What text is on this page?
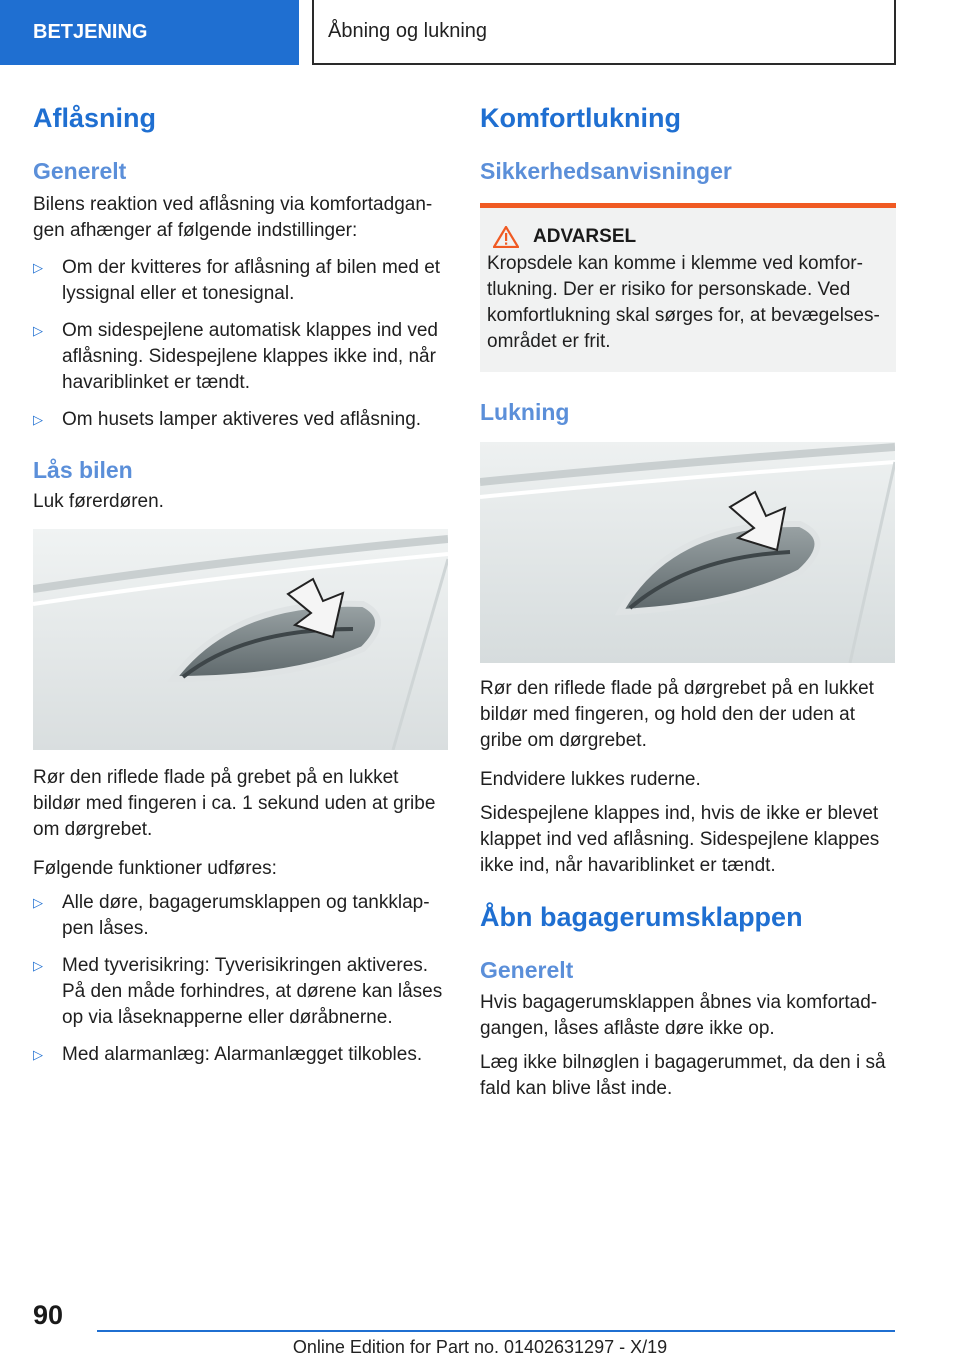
BETJENING	Åbning og lukning
Aflåsning
Generelt

Bilens reaktion ved aflåsning via komfortadgangen afhænger af følgende indstillinger:

▷ Om der kvitteres for aflåsning af bilen med et lyssignal eller et tonesignal.
▷ Om sidespejlene automatisk klappes ind ved aflåsning. Sidespejlene klappes ikke ind, når havariblinket er tændt.
▷ Om husets lamper aktiveres ved aflåsning.
Lås bilen

Luk førerdøren.

Rør den riflede flade på grebet på en lukket bildør med fingeren i ca. 1 sekund uden at gribe om dørgrebet.

Følgende funktioner udføres:

▷ Alle døre, bagagerumsklappen og tankklappen låses.
▷ Med tyverisikring: Tyverisikringen aktiveres. På den måde forhindres, at dørene kan låses op via låseknapperne eller døråbnerne.
▷ Med alarmanlæg: Alarmanlægget tilkobles.
Komfortlukning
Sikkerhedsanvisninger
ADVARSEL

Kropsdele kan komme i klemme ved komfortlukning. Der er risiko for personskade. Ved komfortlukning skal sørges for, at bevægelsesområdet er frit.

Lukning

Rør den riflede flade på dørgrebet på en lukket bildør med fingeren, og hold den der uden at gribe om dørgrebet.

Endvidere lukkes ruderne.

Sidespejlene klappes ind, hvis de ikke er blevet klappet ind ved aflåsning. Sidespejlene klappes ikke ind, når havariblinket er tændt.

Åbn bagagerumsklappen
Generelt

Hvis bagagerumsklappen åbnes via komfortadgangen, låses aflåste døre ikke op.

Læg ikke bilnøglen i bagagerummet, da den i så fald kan blive låst inde.

90
Online Edition for Part no. 01402631297 - X/19
